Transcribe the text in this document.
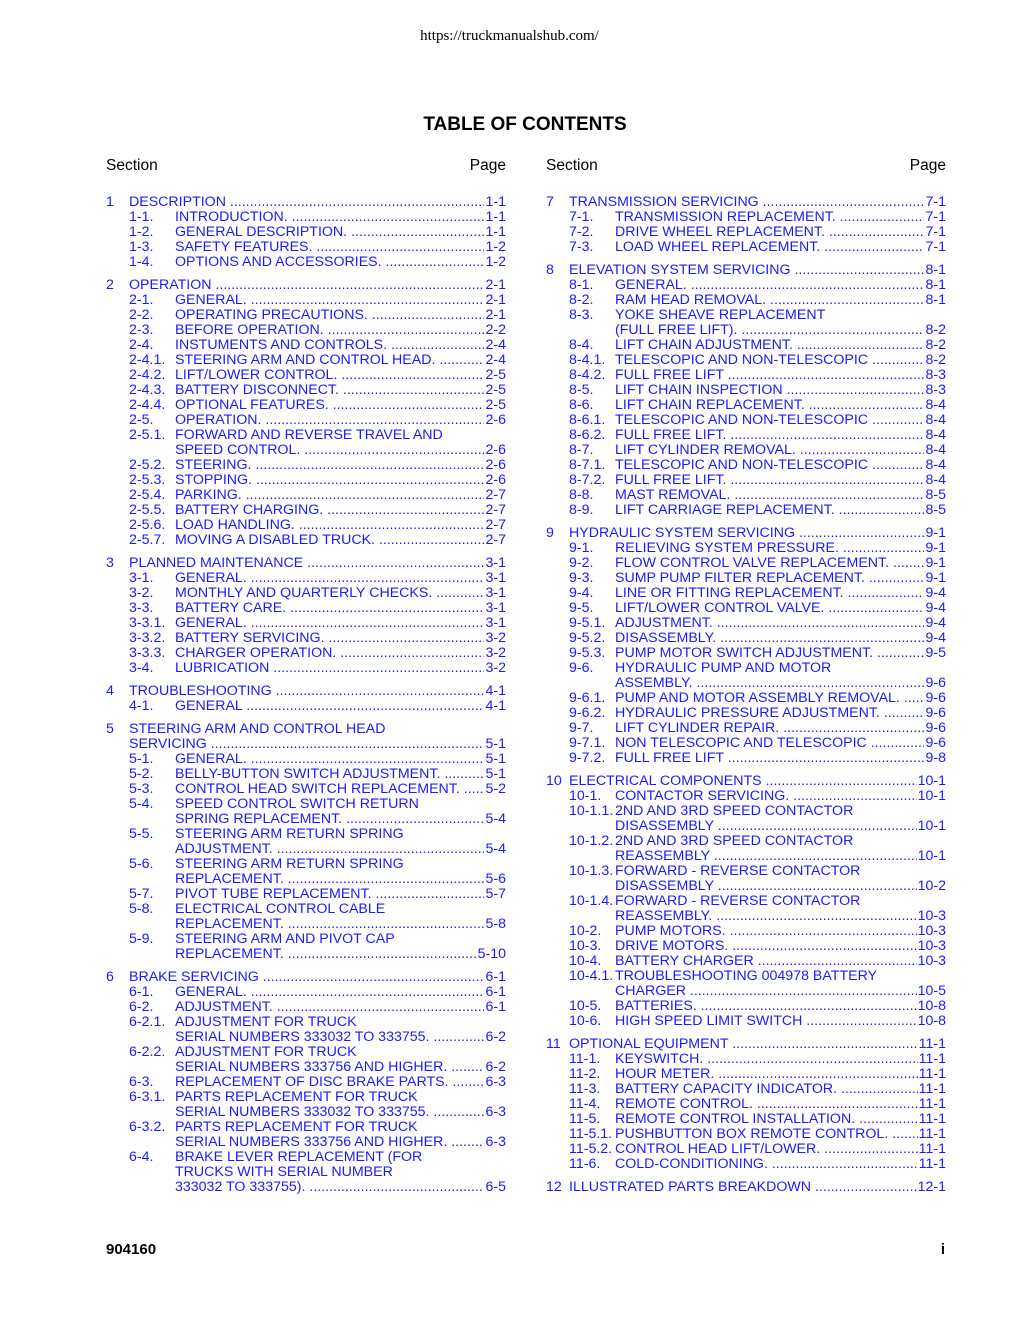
https://truckmanualshub.com/
TABLE OF CONTENTS
Section	Page
1	DESCRIPTION .....	1-1
1-1.	INTRODUCTION. .....	1-1
1-2.	GENERAL DESCRIPTION. .....	1-1
1-3.	SAFETY FEATURES. .....	1-2
1-4.	OPTIONS AND ACCESSORIES. .....	1-2
2	OPERATION .....	2-1
2-1.	GENERAL. .....	2-1
2-2.	OPERATING PRECAUTIONS. .....	2-1
2-3.	BEFORE OPERATION. .....	2-2
2-4.	INSTUMENTS AND CONTROLS. .....	2-4
2-4.1. STEERING ARM AND CONTROL HEAD. .....	2-4
2-4.2. LIFT/LOWER CONTROL. .....	2-5
2-4.3. BATTERY DISCONNECT. .....	2-5
2-4.4. OPTIONAL FEATURES. .....	2-5
2-5.	OPERATION. .....	2-6
2-5.1. FORWARD AND REVERSE TRAVEL AND
SPEED CONTROL. .....	2-6
2-5.2. STEERING. .....	2-6
2-5.3. STOPPING. .....	2-6
2-5.4. PARKING. .....	2-7
2-5.5. BATTERY CHARGING. .....	2-7
2-5.6. LOAD HANDLING. .....	2-7
2-5.7. MOVING A DISABLED TRUCK. .....	2-7
3	PLANNED MAINTENANCE .....	3-1
3-1.	GENERAL. .....	3-1
3-2.	MONTHLY AND QUARTERLY CHECKS. .....	3-1
3-3.	BATTERY CARE. .....	3-1
3-3.1. GENERAL. .....	3-1
3-3.2. BATTERY SERVICING. .....	3-2
3-3.3. CHARGER OPERATION. .....	3-2
3-4.	LUBRICATION .....	3-2
4	TROUBLESHOOTING .....	4-1
4-1.	GENERAL .....	4-1
5	STEERING ARM AND CONTROL HEAD
SERVICING .....	5-1
5-1.	GENERAL. .....	5-1
5-2.	BELLY-BUTTON SWITCH ADJUSTMENT. .....	5-1
5-3.	CONTROL HEAD SWITCH REPLACEMENT. .....	5-2
5-4.	SPEED CONTROL SWITCH RETURN
SPRING REPLACEMENT. .....	5-4
5-5.	STEERING ARM RETURN SPRING
ADJUSTMENT. .....	5-4
5-6.	STEERING ARM RETURN SPRING
REPLACEMENT. .....	5-6
5-7.	PIVOT TUBE REPLACEMENT. .....	5-7
5-8.	ELECTRICAL CONTROL CABLE
REPLACEMENT. .....	5-8
5-9.	STEERING ARM AND PIVOT CAP
REPLACEMENT. .....	5-10
6	BRAKE SERVICING .....	6-1
6-1.	GENERAL. .....	6-1
6-2.	ADJUSTMENT. .....	6-1
6-2.1. ADJUSTMENT FOR TRUCK
SERIAL NUMBERS 333032 TO 333755. .....	6-2
6-2.2. ADJUSTMENT FOR TRUCK
SERIAL NUMBERS 333756 AND HIGHER. .....	6-2
6-3.	REPLACEMENT OF DISC BRAKE PARTS. .....	6-3
6-3.1. PARTS REPLACEMENT FOR TRUCK
SERIAL NUMBERS 333032 TO 333755. .....	6-3
6-3.2. PARTS REPLACEMENT FOR TRUCK
SERIAL NUMBERS 333756 AND HIGHER. .....	6-3
6-4.	BRAKE LEVER REPLACEMENT (FOR
TRUCKS WITH SERIAL NUMBER
333032 TO 333755). .....	6-5
Section	Page
7	TRANSMISSION SERVICING .....	7-1
7-1.	TRANSMISSION REPLACEMENT. .....	7-1
7-2.	DRIVE WHEEL REPLACEMENT. .....	7-1
7-3.	LOAD WHEEL REPLACEMENT. .....	7-1
8	ELEVATION SYSTEM SERVICING .....	8-1
8-1.	GENERAL. .....	8-1
8-2.	RAM HEAD REMOVAL. .....	8-1
8-3.	YOKE SHEAVE REPLACEMENT
(FULL FREE LIFT). .....	8-2
8-4.	LIFT CHAIN ADJUSTMENT. .....	8-2
8-4.1. TELESCOPIC AND NON-TELESCOPIC .....	8-2
8-4.2. FULL FREE LIFT .....	8-3
8-5.	LIFT CHAIN INSPECTION .....	8-3
8-6.	LIFT CHAIN REPLACEMENT. .....	8-4
8-6.1. TELESCOPIC AND NON-TELESCOPIC .....	8-4
8-6.2. FULL FREE LIFT. .....	8-4
8-7.	LIFT CYLINDER REMOVAL. .....	8-4
8-7.1. TELESCOPIC AND NON-TELESCOPIC .....	8-4
8-7.2. FULL FREE LIFT. .....	8-4
8-8.	MAST REMOVAL. .....	8-5
8-9.	LIFT CARRIAGE REPLACEMENT. .....	8-5
9	HYDRAULIC SYSTEM SERVICING .....	9-1
9-1.	RELIEVING SYSTEM PRESSURE. .....	9-1
9-2.	FLOW CONTROL VALVE REPLACEMENT. .....	9-1
9-3.	SUMP PUMP FILTER REPLACEMENT. .....	9-1
9-4.	LINE OR FITTING REPLACEMENT. .....	9-4
9-5.	LIFT/LOWER CONTROL VALVE. .....	9-4
9-5.1. ADJUSTMENT. .....	9-4
9-5.2. DISASSEMBLY. .....	9-4
9-5.3. PUMP MOTOR SWITCH ADJUSTMENT. .....	9-5
9-6.	HYDRAULIC PUMP AND MOTOR
ASSEMBLY. .....	9-6
9-6.1. PUMP AND MOTOR ASSEMBLY REMOVAL. .....	9-6
9-6.2. HYDRAULIC PRESSURE ADJUSTMENT. .....	9-6
9-7.	LIFT CYLINDER REPAIR. .....	9-6
9-7.1. NON TELESCOPIC AND TELESCOPIC .....	9-6
9-7.2. FULL FREE LIFT .....	9-8
10 ELECTRICAL COMPONENTS .....	10-1
10-1. CONTACTOR SERVICING. .....	10-1
10-1.1. 2ND AND 3RD SPEED CONTACTOR
DISASSEMBLY .....	10-1
10-1.2. 2ND AND 3RD SPEED CONTACTOR
REASSEMBLY .....	10-1
10-1.3. FORWARD - REVERSE CONTACTOR
DISASSEMBLY .....	10-2
10-1.4. FORWARD - REVERSE CONTACTOR
REASSEMBLY. .....	10-3
10-2. PUMP MOTORS. .....	10-3
10-3. DRIVE MOTORS. .....	10-3
10-4. BATTERY CHARGER .....	10-3
10-4.1. TROUBLESHOOTING 004978 BATTERY
CHARGER .....	10-5
10-5. BATTERIES. .....	10-8
10-6. HIGH SPEED LIMIT SWITCH .....	10-8
11 OPTIONAL EQUIPMENT .....	11-1
11-1.	KEYSWITCH. .....	11-1
11-2.	HOUR METER. .....	11-1
11-3.	BATTERY CAPACITY INDICATOR. .....	11-1
11-4.	REMOTE CONTROL. .....	11-1
11-5.	REMOTE CONTROL INSTALLATION. .....	11-1
11-5.1. PUSHBUTTON BOX REMOTE CONTROL. .....	11-1
11-5.2. CONTROL HEAD LIFT/LOWER. .....	11-1
11-6.	COLD-CONDITIONING. .....	11-1
12 ILLUSTRATED PARTS BREAKDOWN .....	12-1
904160	i
